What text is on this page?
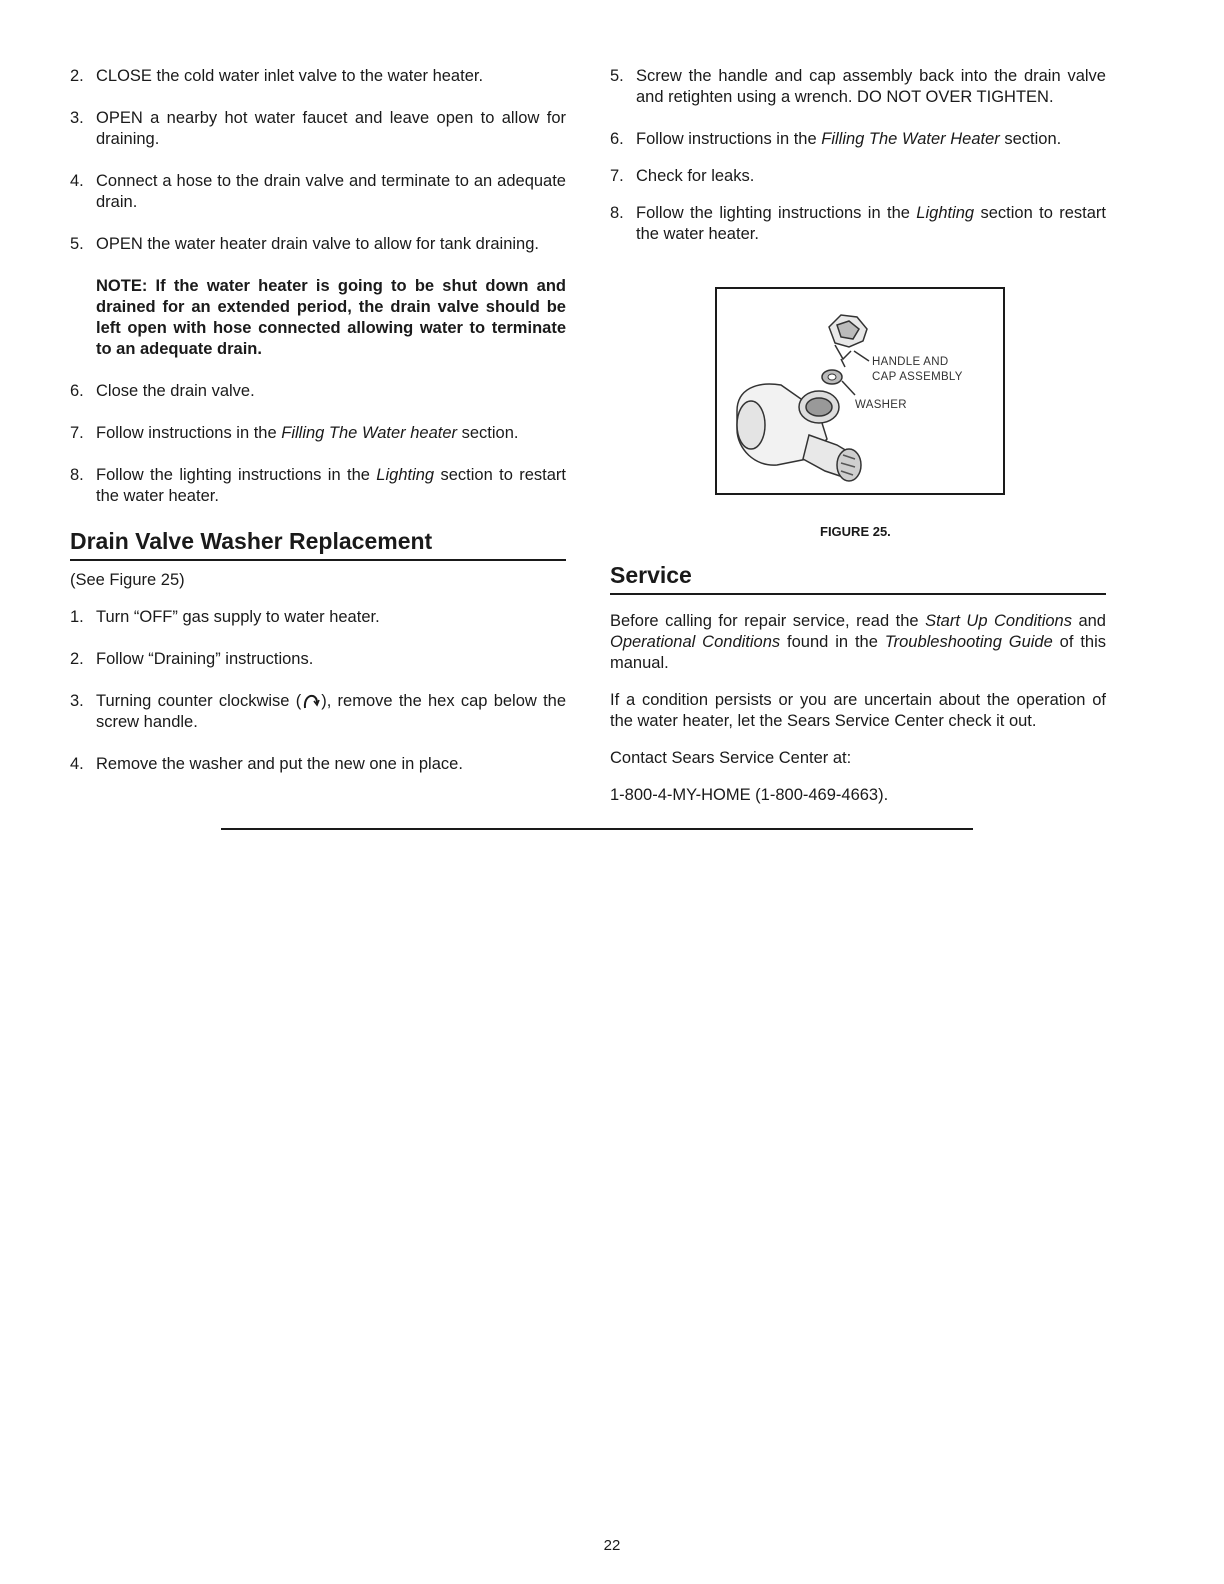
2. CLOSE the cold water inlet valve to the water heater.
3. OPEN a nearby hot water faucet and leave open to allow for draining.
4. Connect a hose to the drain valve and terminate to an adequate drain.
5. OPEN the water heater drain valve to allow for tank draining.
NOTE: If the water heater is going to be shut down and drained for an extended period, the drain valve should be left open with hose connected allowing water to terminate to an adequate drain.
6. Close the drain valve.
7. Follow instructions in the Filling The Water heater section.
8. Follow the lighting instructions in the Lighting section to restart the water heater.
Drain Valve Washer Replacement
(See Figure 25)
1. Turn “OFF” gas supply to water heater.
2. Follow “Draining” instructions.
3. Turning counter clockwise ( ), remove the hex cap below the screw handle.
4. Remove the washer and put the new one in place.
5. Screw the handle and cap assembly back into the drain valve and retighten using a wrench. DO NOT OVER TIGHTEN.
6. Follow instructions in the Filling The Water Heater section.
7. Check for leaks.
8. Follow the lighting instructions in the Lighting section to restart the water heater.
HANDLE AND
CAP ASSEMBLY
WASHER
FIGURE 25.
Service
Before calling for repair service, read the Start Up Conditions and Operational Conditions found in the Troubleshooting Guide of this manual.
If a condition persists or you are uncertain about the operation of the water heater, let the Sears Service Center check it out.
Contact Sears Service Center at:
1-800-4-MY-HOME (1-800-469-4663).
22
